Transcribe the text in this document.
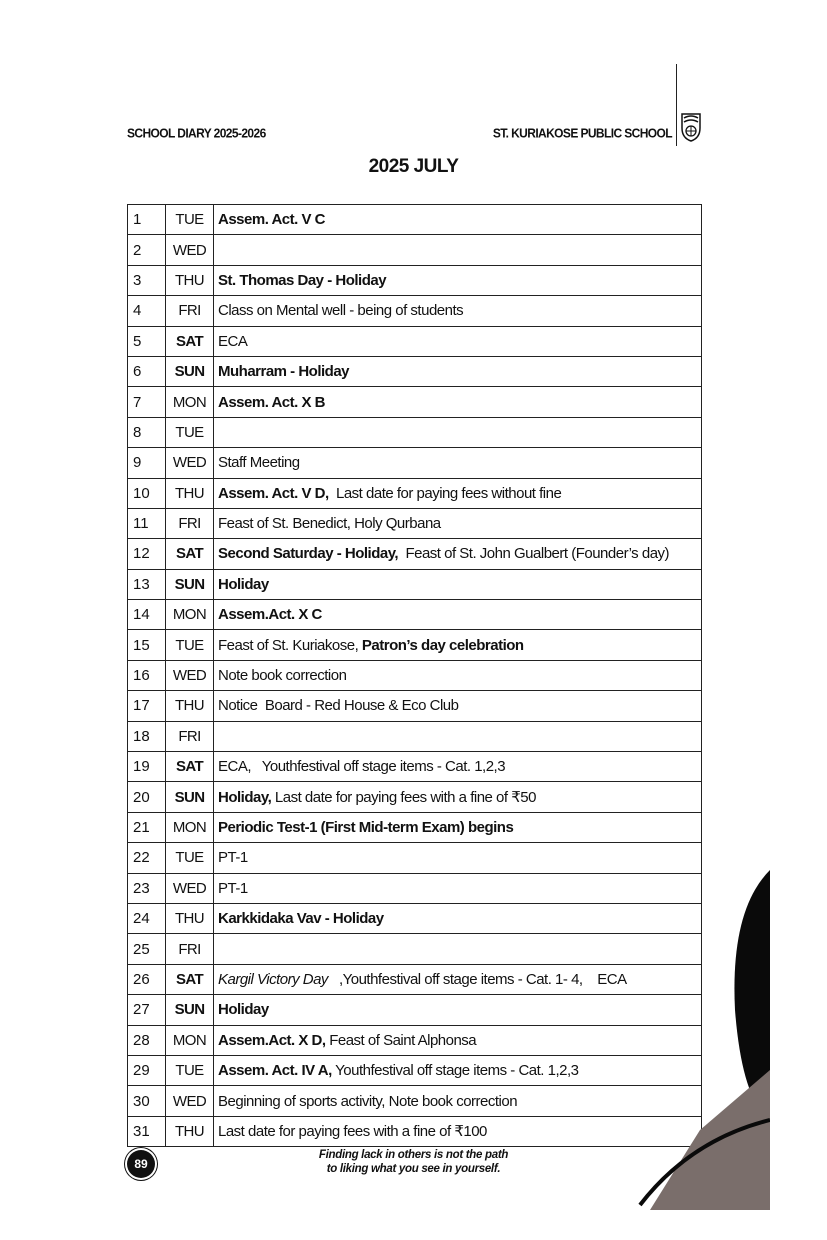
SCHOOL DIARY 2025-2026	ST. KURIAKOSE PUBLIC SCHOOL
2025 JULY
1	TUE	Assem. Act. V C
2	WED	
3	THU	St. Thomas Day - Holiday
4	FRI	Class on Mental well - being of students
5	SAT	ECA
6	SUN	Muharram - Holiday
7	MON	Assem. Act. X B
8	TUE	
9	WED	Staff Meeting
10	THU	Assem. Act. V D,  Last date for paying fees without fine
11	FRI	Feast of St. Benedict, Holy Qurbana
12	SAT	Second Saturday - Holiday,  Feast of St. John Gualbert (Founder’s day)
13	SUN	Holiday
14	MON	Assem.Act. X C
15	TUE	Feast of St. Kuriakose, Patron’s day celebration
16	WED	Note book correction
17	THU	Notice  Board - Red House & Eco Club
18	FRI	
19	SAT	ECA,   Youthfestival off stage items - Cat. 1,2,3
20	SUN	Holiday, Last date for paying fees with a fine of ₹50
21	MON	Periodic Test-1 (First Mid-term Exam) begins
22	TUE	PT-1
23	WED	PT-1
24	THU	Karkkidaka Vav - Holiday
25	FRI	
26	SAT	Kargil Victory Day   ,Youthfestival off stage items - Cat. 1- 4,    ECA
27	SUN	Holiday
28	MON	Assem.Act. X D, Feast of Saint Alphonsa
29	TUE	Assem. Act. IV A, Youthfestival off stage items - Cat. 1,2,3
30	WED	Beginning of sports activity, Note book correction
31	THU	Last date for paying fees with a fine of ₹100
89
Finding lack in others is not the path
to liking what you see in yourself.
